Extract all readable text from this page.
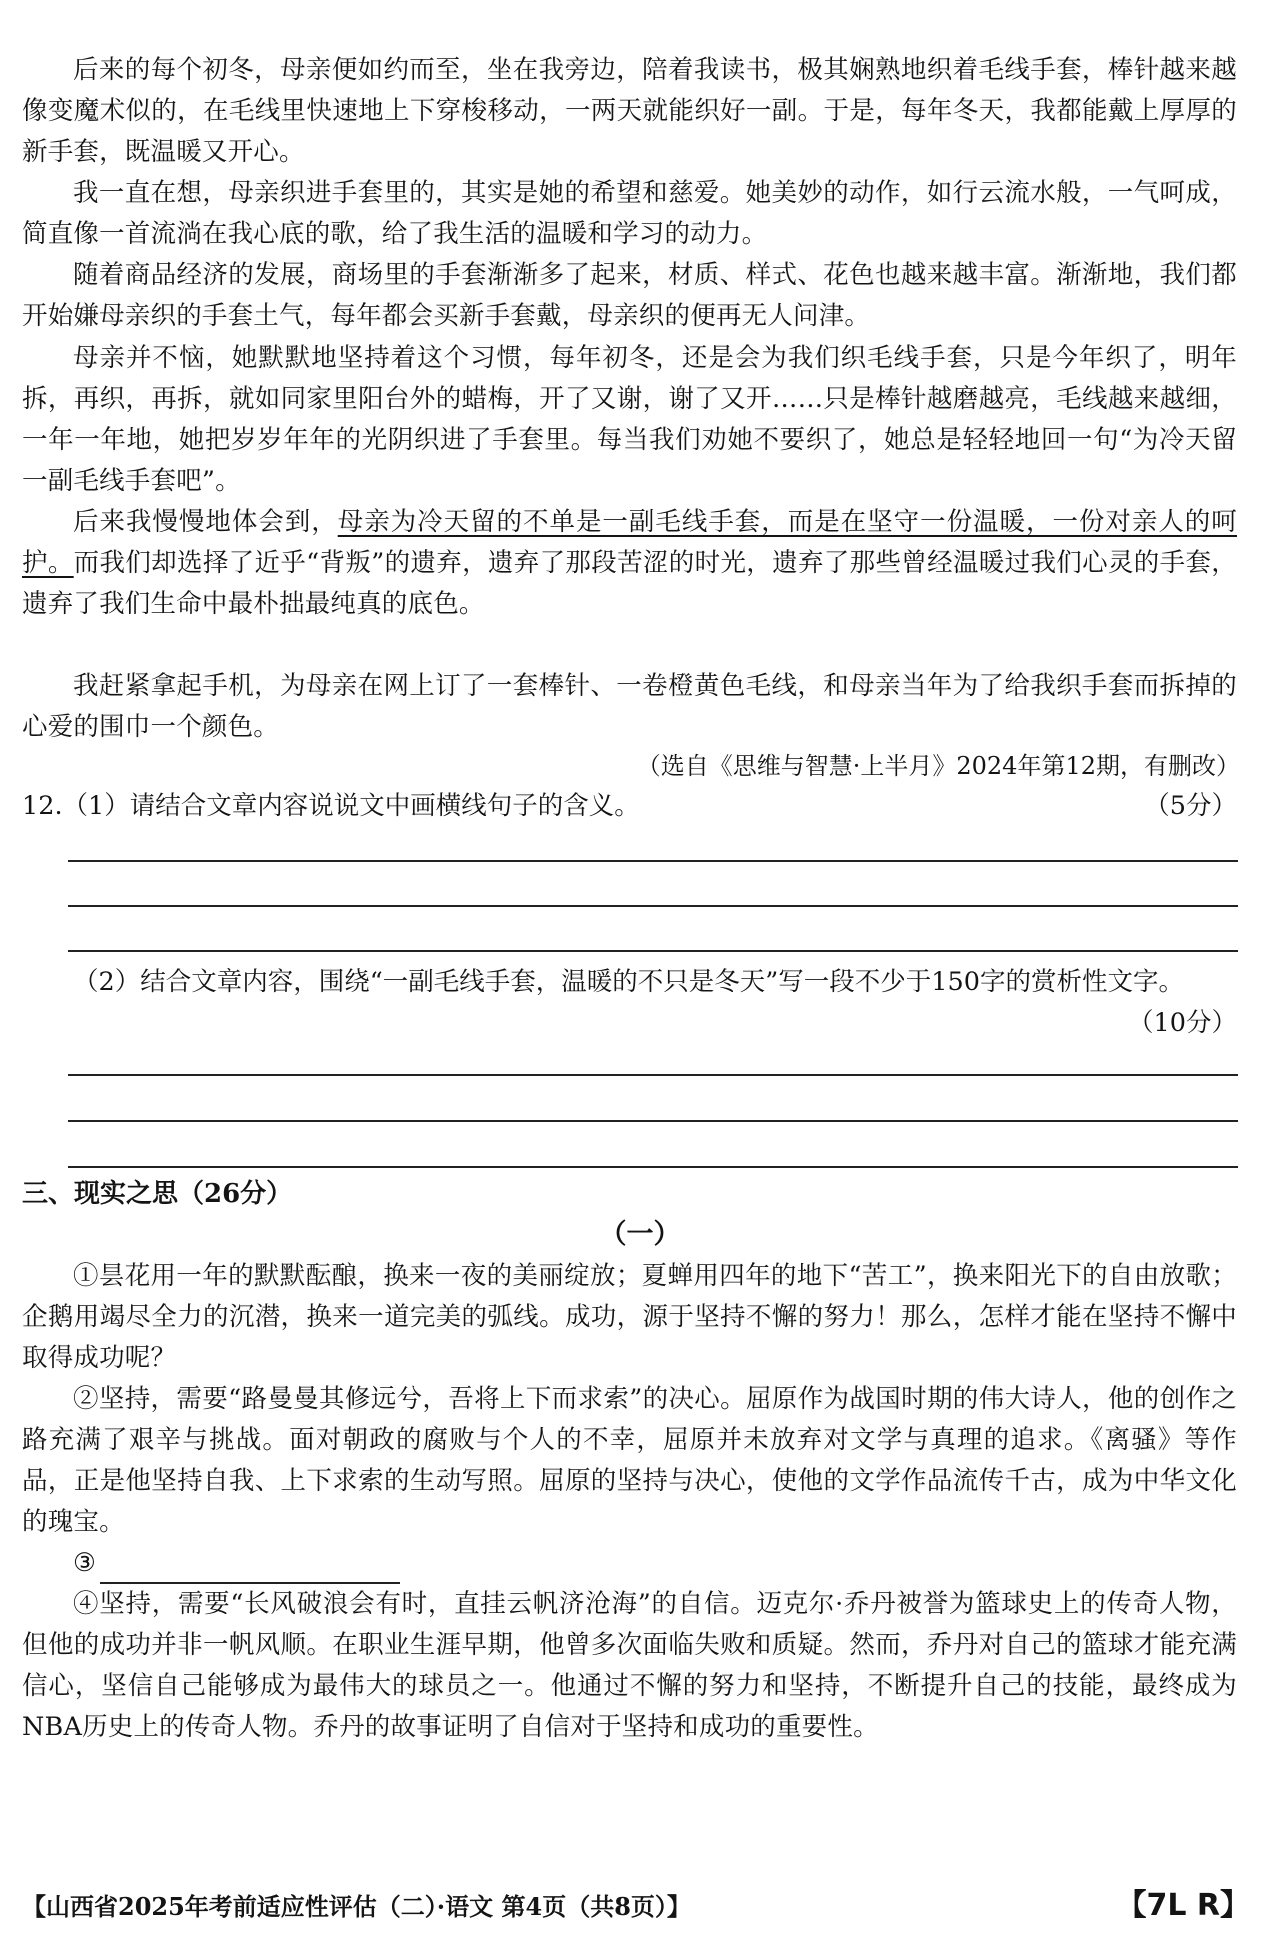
后来的每个初冬，母亲便如约而至，坐在我旁边，陪着我读书，极其娴熟地织着毛线手套，棒针越来越像变魔术似的，在毛线里快速地上下穿梭移动，一两天就能织好一副。于是，每年冬天，我都能戴上厚厚的新手套，既温暖又开心。

我一直在想，母亲织进手套里的，其实是她的希望和慈爱。她美妙的动作，如行云流水般，一气呵成，简直像一首流淌在我心底的歌，给了我生活的温暖和学习的动力。

随着商品经济的发展，商场里的手套渐渐多了起来，材质、样式、花色也越来越丰富。渐渐地，我们都开始嫌母亲织的手套土气，每年都会买新手套戴，母亲织的便再无人问津。

母亲并不恼，她默默地坚持着这个习惯，每年初冬，还是会为我们织毛线手套，只是今年织了，明年拆，再织，再拆，就如同家里阳台外的蜡梅，开了又谢，谢了又开……只是棒针越磨越亮，毛线越来越细，一年一年地，她把岁岁年年的光阴织进了手套里。每当我们劝她不要织了，她总是轻轻地回一句“为冷天留一副毛线手套吧”。

后来我慢慢地体会到，母亲为冷天留的不单是一副毛线手套，而是在坚守一份温暖，一份对亲人的呵护。而我们却选择了近乎“背叛”的遗弃，遗弃了那段苦涩的时光，遗弃了那些曾经温暖过我们心灵的手套，遗弃了我们生命中最朴拙最纯真的底色。

我赶紧拿起手机，为母亲在网上订了一套棒针、一卷橙黄色毛线，和母亲当年为了给我织手套而拆掉的心爱的围巾一个颜色。

（选自《思维与智慧·上半月》2024年第12期，有删改）
12.（1）请结合文章内容说说文中画横线句子的含义。	（5分）
（2）结合文章内容，围绕“一副毛线手套，温暖的不只是冬天”写一段不少于150字的赏析性文字。
（10分）
三、现实之思（26分）
（一）

①昙花用一年的默默酝酿，换来一夜的美丽绽放；夏蝉用四年的地下“苦工”，换来阳光下的自由放歌；企鹅用竭尽全力的沉潜，换来一道完美的弧线。成功，源于坚持不懈的努力！那么，怎样才能在坚持不懈中取得成功呢？

②坚持，需要“路曼曼其修远兮，吾将上下而求索”的决心。屈原作为战国时期的伟大诗人，他的创作之路充满了艰辛与挑战。面对朝政的腐败与个人的不幸，屈原并未放弃对文学与真理的追求。《离骚》等作品，正是他坚持自我、上下求索的生动写照。屈原的坚持与决心，使他的文学作品流传千古，成为中华文化的瑰宝。

③

④坚持，需要“长风破浪会有时，直挂云帆济沧海”的自信。迈克尔·乔丹被誉为篮球史上的传奇人物，但他的成功并非一帆风顺。在职业生涯早期，他曾多次面临失败和质疑。然而，乔丹对自己的篮球才能充满信心，坚信自己能够成为最伟大的球员之一。他通过不懈的努力和坚持，不断提升自己的技能，最终成为NBA历史上的传奇人物。乔丹的故事证明了自信对于坚持和成功的重要性。

【山西省2025年考前适应性评估（二）·语文 第4页（共8页）】	【7L R】
